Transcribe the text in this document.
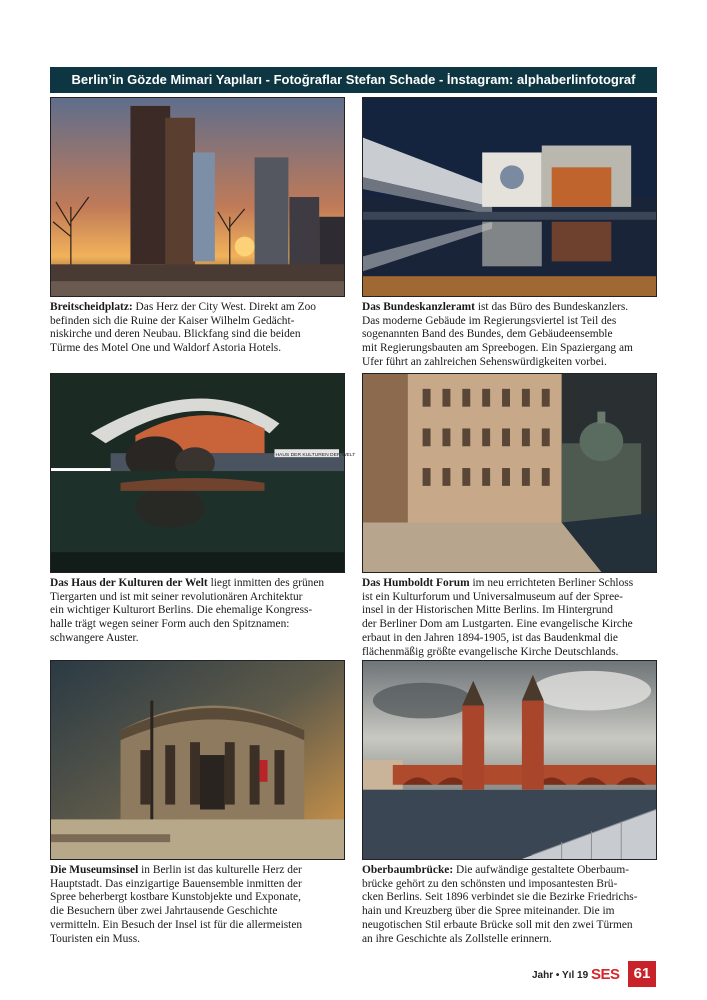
Berlin’in Gözde Mimari Yapıları - Fotoğraflar Stefan Schade - İnstagram: alphaberlinfotograf
Breitscheidplatz: Das Herz der City West. Direkt am Zoo
befinden sich die Ruine der Kaiser Wilhelm Gedächt-
niskirche und deren Neubau. Blickfang sind die beiden
Türme des Motel One und Waldorf Astoria Hotels.
Das Bundeskanzleramt ist das Büro des Bundeskanzlers.
Das moderne Gebäude im Regierungsviertel ist Teil des
sogenannten Band des Bundes, dem Gebäudeensemble
mit Regierungsbauten am Spreebogen. Ein Spaziergang am
Ufer führt an zahlreichen Sehenswürdigkeiten vorbei.
HAUS DER KULTUREN DER WELT
Das Haus der Kulturen der Welt liegt inmitten des grünen
Tiergarten und ist mit seiner revolutionären Architektur
ein wichtiger Kulturort Berlins. Die ehemalige Kongress-
halle trägt wegen seiner Form auch den Spitznamen:
schwangere Auster.
Das Humboldt Forum im neu errichteten Berliner Schloss
ist ein Kulturforum und Universalmuseum auf der Spree-
insel in der Historischen Mitte Berlins. Im Hintergrund
der Berliner Dom am Lustgarten. Eine evangelische Kirche
erbaut in den Jahren 1894-1905, ist das Baudenkmal die
flächenmäßig größte evangelische Kirche Deutschlands.
Die Museumsinsel in Berlin ist das kulturelle Herz der
Hauptstadt. Das einzigartige Bauensemble inmitten der
Spree beherbergt kostbare Kunstobjekte und Exponate,
die Besuchern über zwei Jahrtausende Geschichte
vermitteln. Ein Besuch der Insel ist für die allermeisten
Touristen ein Muss.
Oberbaumbrücke: Die aufwändige gestaltete Oberbaum-
brücke gehört zu den schönsten und imposantesten Brü-
cken Berlins. Seit 1896 verbindet sie die Bezirke Friedrichs-
hain und Kreuzberg über die Spree miteinander. Die im
neugotischen Stil erbaute Brücke soll mit den zwei Türmen
an ihre Geschichte als Zollstelle erinnern.
Jahr • Yıl 19 SES 61
